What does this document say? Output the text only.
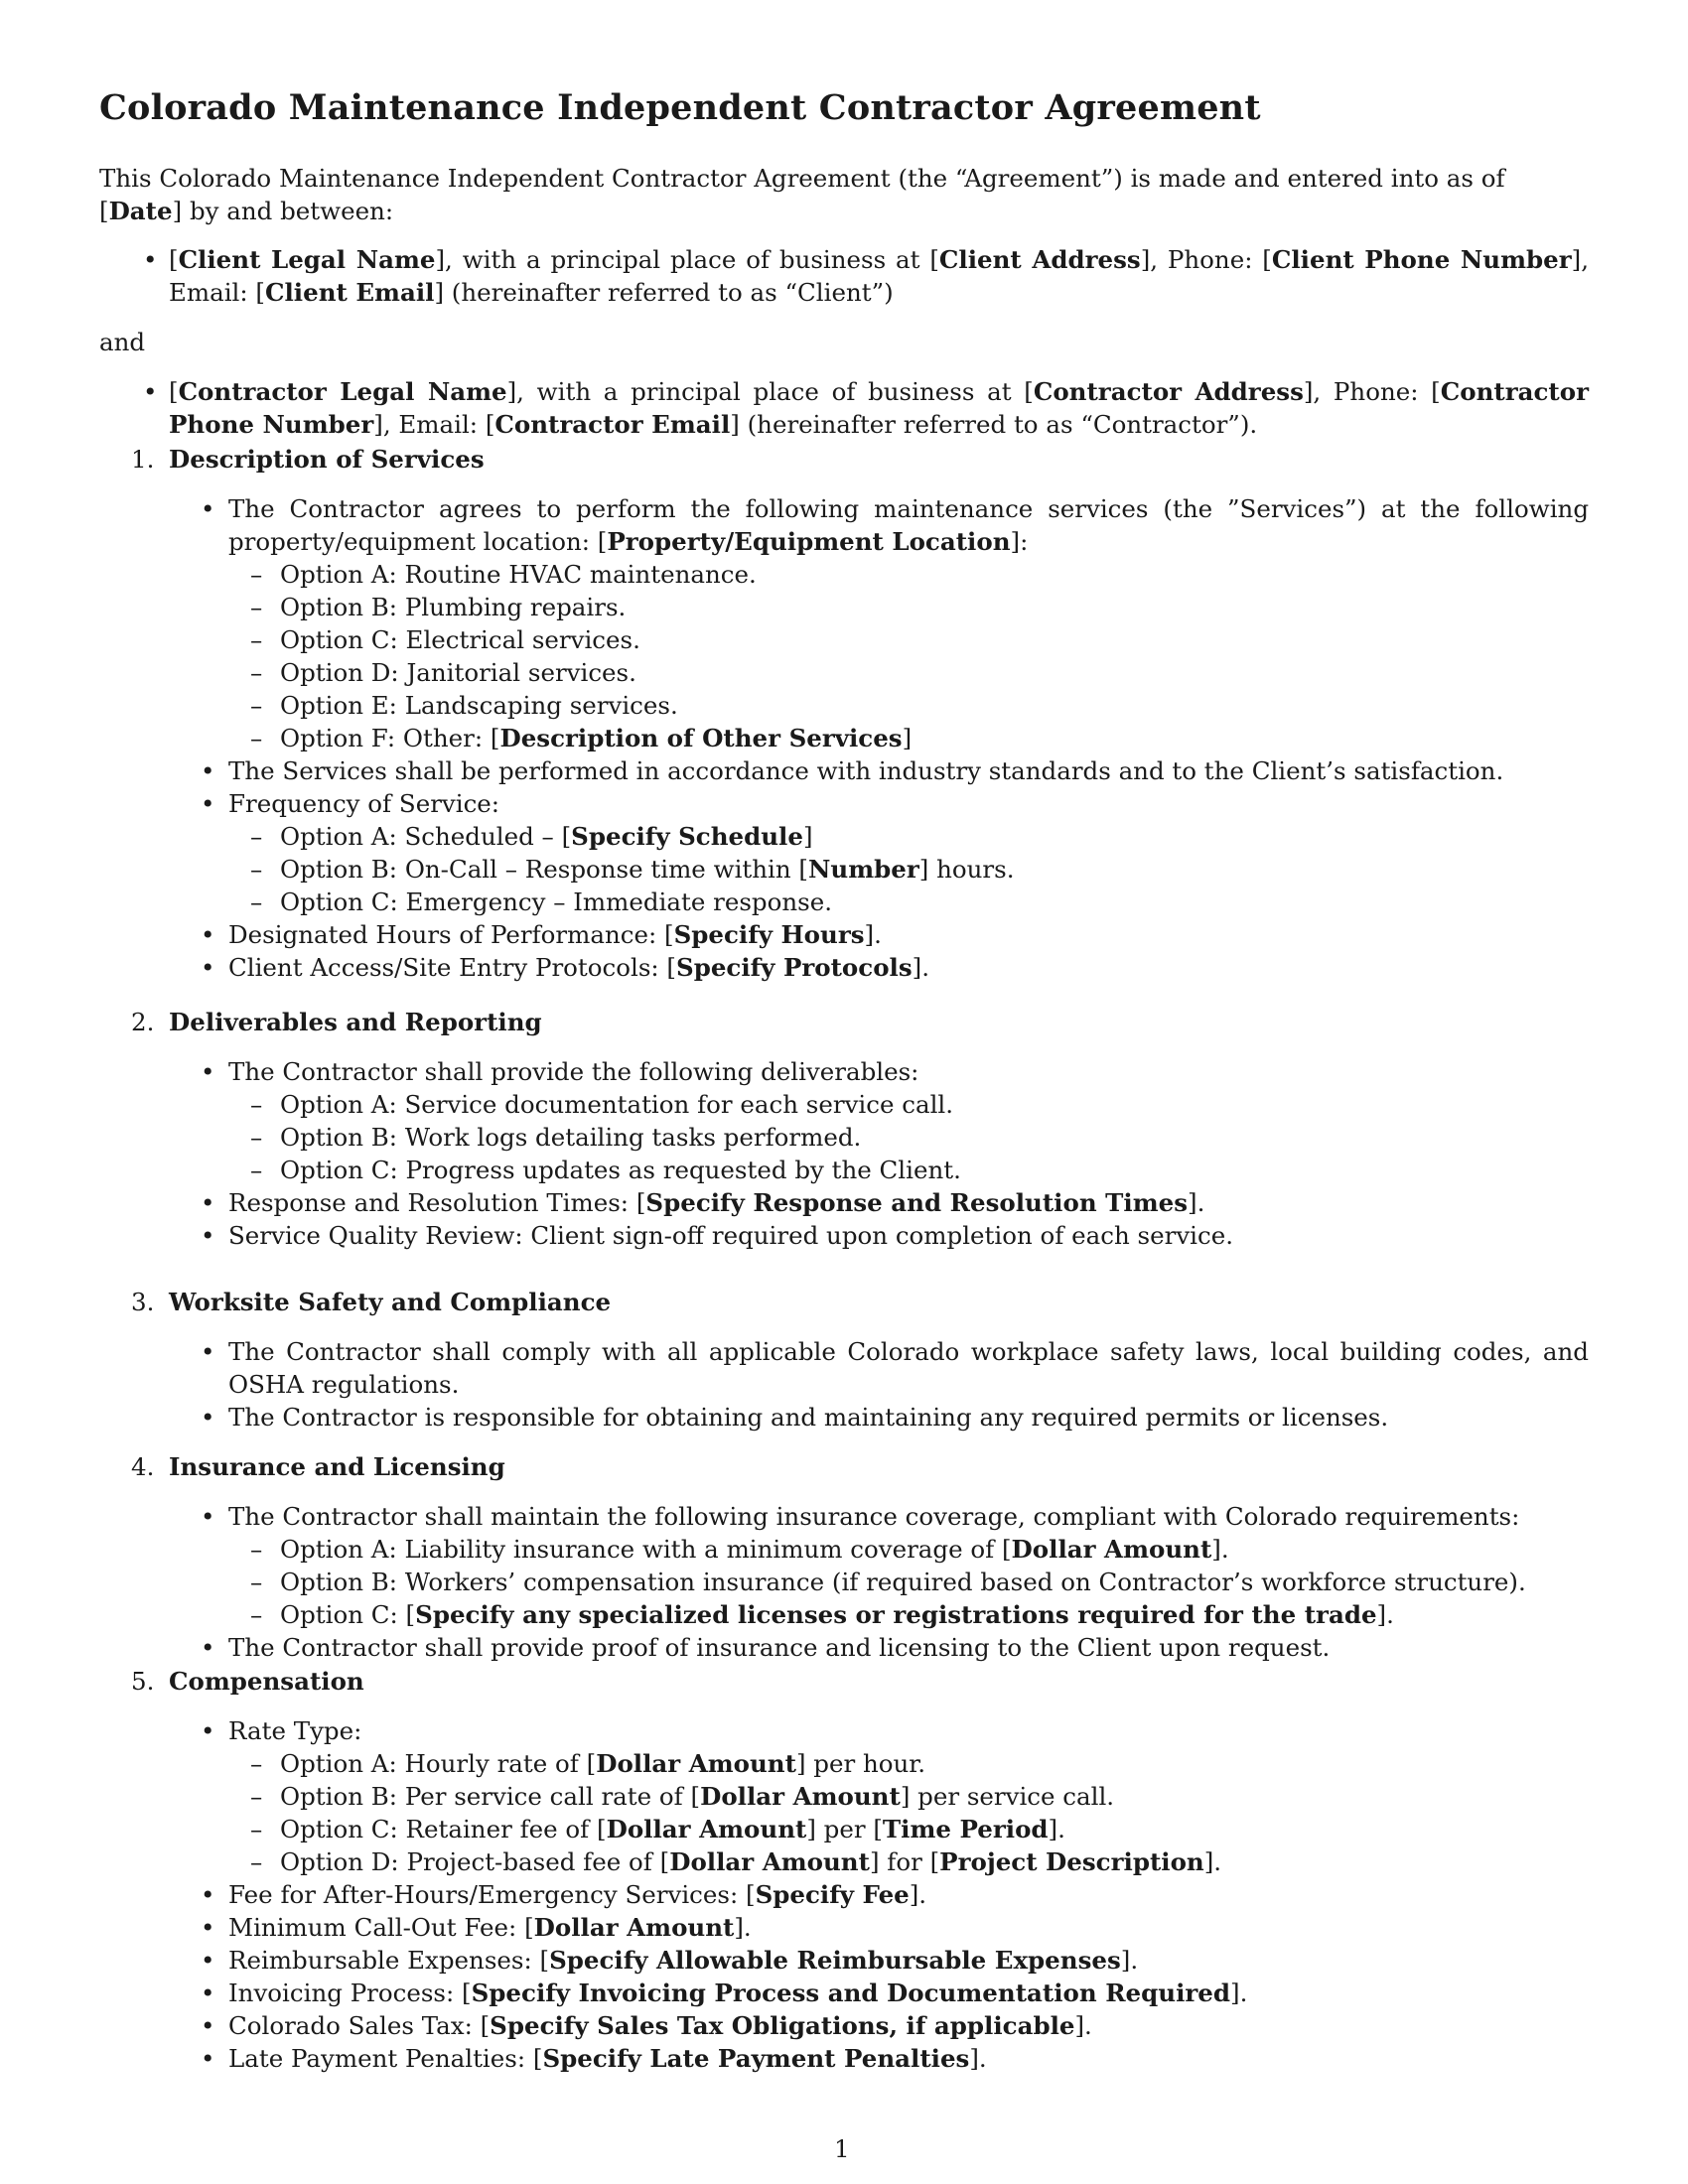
Colorado Maintenance Independent Contractor Agreement

This Colorado Maintenance Independent Contractor Agreement (the “Agreement”) is made and entered into as of [Date] by and between:

• [Client Legal Name], with a principal place of business at [Client Address], Phone: [Client Phone Number], Email: [Client Email] (hereinafter referred to as “Client”)
and
• [Contractor Legal Name], with a principal place of business at [Contractor Address], Phone: [Contractor Phone Number], Email: [Contractor Email] (hereinafter referred to as “Contractor”).
1. Description of Services
• The Contractor agrees to perform the following maintenance services (the ”Services”) at the following property/equipment location: [Property/Equipment Location]:
– Option A: Routine HVAC maintenance.
– Option B: Plumbing repairs.
– Option C: Electrical services.
– Option D: Janitorial services.
– Option E: Landscaping services.
– Option F: Other: [Description of Other Services]
• The Services shall be performed in accordance with industry standards and to the Client’s satisfaction.
• Frequency of Service:
– Option A: Scheduled – [Specify Schedule]
– Option B: On-Call – Response time within [Number] hours.
– Option C: Emergency – Immediate response.
• Designated Hours of Performance: [Specify Hours].
• Client Access/Site Entry Protocols: [Specify Protocols].
2. Deliverables and Reporting
• The Contractor shall provide the following deliverables:
– Option A: Service documentation for each service call.
– Option B: Work logs detailing tasks performed.
– Option C: Progress updates as requested by the Client.
• Response and Resolution Times: [Specify Response and Resolution Times].
• Service Quality Review: Client sign-off required upon completion of each service.
3. Worksite Safety and Compliance
• The Contractor shall comply with all applicable Colorado workplace safety laws, local building codes, and OSHA regulations.
• The Contractor is responsible for obtaining and maintaining any required permits or licenses.
4. Insurance and Licensing
• The Contractor shall maintain the following insurance coverage, compliant with Colorado requirements:
– Option A: Liability insurance with a minimum coverage of [Dollar Amount].
– Option B: Workers’ compensation insurance (if required based on Contractor’s workforce structure).
– Option C: [Specify any specialized licenses or registrations required for the trade].
• The Contractor shall provide proof of insurance and licensing to the Client upon request.
5. Compensation
• Rate Type:
– Option A: Hourly rate of [Dollar Amount] per hour.
– Option B: Per service call rate of [Dollar Amount] per service call.
– Option C: Retainer fee of [Dollar Amount] per [Time Period].
– Option D: Project-based fee of [Dollar Amount] for [Project Description].
• Fee for After-Hours/Emergency Services: [Specify Fee].
• Minimum Call-Out Fee: [Dollar Amount].
• Reimbursable Expenses: [Specify Allowable Reimbursable Expenses].
• Invoicing Process: [Specify Invoicing Process and Documentation Required].
• Colorado Sales Tax: [Specify Sales Tax Obligations, if applicable].
• Late Payment Penalties: [Specify Late Payment Penalties].
1
